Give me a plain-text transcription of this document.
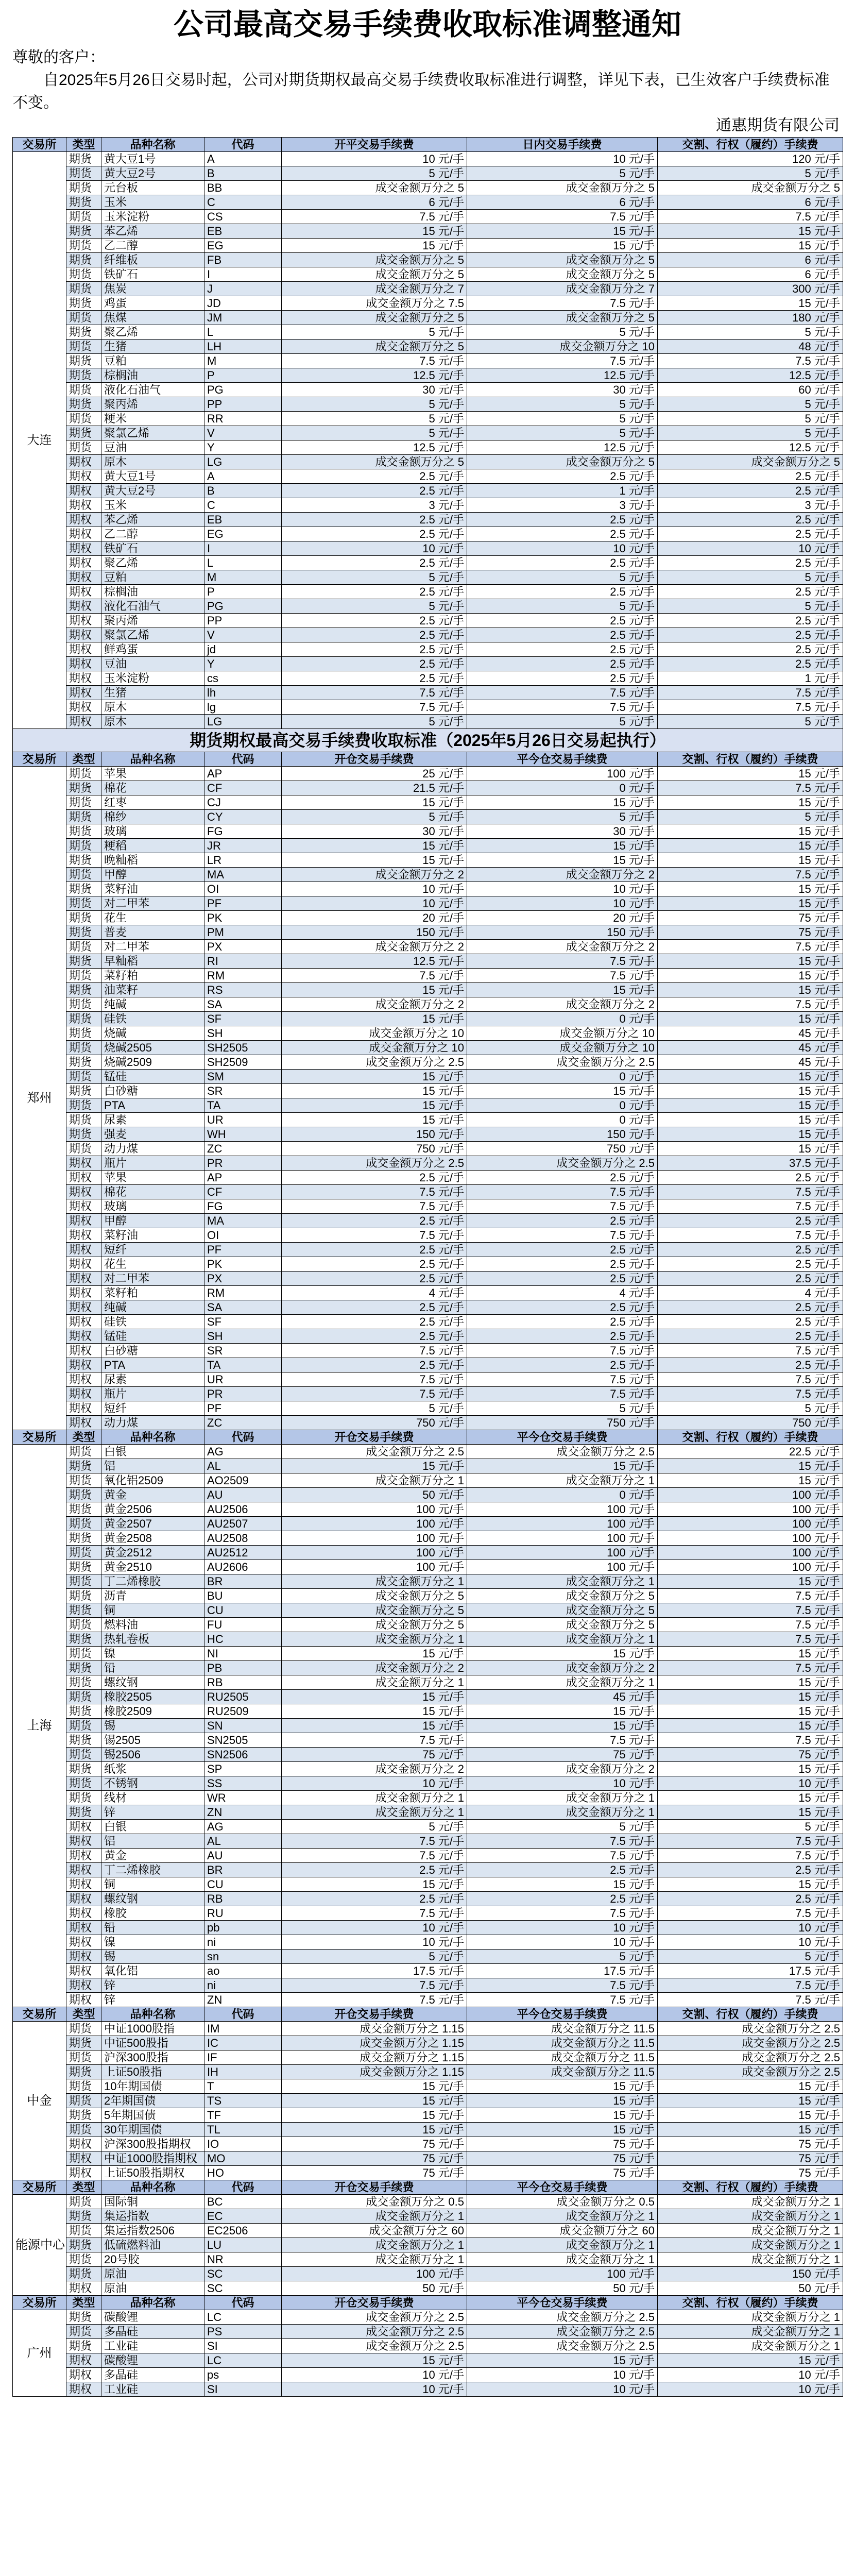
公司最高交易手续费收取标准调整通知
尊敬的客户：
自2025年5月26日交易时起，公司对期货期权最高交易手续费收取标准进行调整，详见下表，已生效客户手续费标准不变。
通惠期货有限公司
交易所	类型	品种名称	代码	开平交易手续费	日内交易手续费	交割、行权（履约）手续费
大连	期货	黄大豆1号	A	10 元/手	10 元/手	120 元/手
	期货	黄大豆2号	B	5 元/手	5 元/手	5 元/手
	期货	元台板	BB	成交金额万分之 5	成交金额万分之 5	成交金额万分之 5
	期货	玉米	C	6 元/手	6 元/手	6 元/手
	期货	玉米淀粉	CS	7.5 元/手	7.5 元/手	7.5 元/手
	期货	苯乙烯	EB	15 元/手	15 元/手	15 元/手
	期货	乙二醇	EG	15 元/手	15 元/手	15 元/手
	期货	纤维板	FB	成交金额万分之 5	成交金额万分之 5	6 元/手
	期货	铁矿石	I	成交金额万分之 5	成交金额万分之 5	6 元/手
	期货	焦炭	J	成交金额万分之 7	成交金额万分之 7	300 元/手
	期货	鸡蛋	JD	成交金额万分之 7.5	7.5 元/手	15 元/手
	期货	焦煤	JM	成交金额万分之 5	成交金额万分之 5	180 元/手
	期货	聚乙烯	L	5 元/手	5 元/手	5 元/手
	期货	生猪	LH	成交金额万分之 5	成交金额万分之 10	48 元/手
	期货	豆粕	M	7.5 元/手	7.5 元/手	7.5 元/手
	期货	棕榈油	P	12.5 元/手	12.5 元/手	12.5 元/手
	期货	液化石油气	PG	30 元/手	30 元/手	60 元/手
	期货	聚丙烯	PP	5 元/手	5 元/手	5 元/手
	期货	粳米	RR	5 元/手	5 元/手	5 元/手
	期货	聚氯乙烯	V	5 元/手	5 元/手	5 元/手
	期货	豆油	Y	12.5 元/手	12.5 元/手	12.5 元/手
	期权	原木	LG	成交金额万分之 5	成交金额万分之 5	成交金额万分之 5
	期权	黄大豆1号	A	2.5 元/手	2.5 元/手	2.5 元/手
	期权	黄大豆2号	B	2.5 元/手	1 元/手	2.5 元/手
	期权	玉米	C	3 元/手	3 元/手	3 元/手
	期权	苯乙烯	EB	2.5 元/手	2.5 元/手	2.5 元/手
	期权	乙二醇	EG	2.5 元/手	2.5 元/手	2.5 元/手
	期权	铁矿石	I	10 元/手	10 元/手	10 元/手
	期权	聚乙烯	L	2.5 元/手	2.5 元/手	2.5 元/手
	期权	豆粕	M	5 元/手	5 元/手	5 元/手
	期权	棕榈油	P	2.5 元/手	2.5 元/手	2.5 元/手
	期权	液化石油气	PG	5 元/手	5 元/手	5 元/手
	期权	聚丙烯	PP	2.5 元/手	2.5 元/手	2.5 元/手
	期权	聚氯乙烯	V	2.5 元/手	2.5 元/手	2.5 元/手
	期权	鲜鸡蛋	jd	2.5 元/手	2.5 元/手	2.5 元/手
	期权	豆油	Y	2.5 元/手	2.5 元/手	2.5 元/手
	期权	玉米淀粉	cs	2.5 元/手	2.5 元/手	1 元/手
	期权	生猪	lh	7.5 元/手	7.5 元/手	7.5 元/手
	期权	原木	lg	7.5 元/手	7.5 元/手	7.5 元/手
	期权	原木	LG	5 元/手	5 元/手	5 元/手
期货期权最高交易手续费收取标准（2025年5月26日交易起执行）						
交易所	类型	品种名称	代码	开仓交易手续费	平今仓交易手续费	交割、行权（履约）手续费
郑州	期货	苹果	AP	25 元/手	100 元/手	15 元/手
	期货	棉花	CF	21.5 元/手	0 元/手	7.5 元/手
	期货	红枣	CJ	15 元/手	15 元/手	15 元/手
	期货	棉纱	CY	5 元/手	5 元/手	5 元/手
	期货	玻璃	FG	30 元/手	30 元/手	15 元/手
	期货	粳稻	JR	15 元/手	15 元/手	15 元/手
	期货	晚籼稻	LR	15 元/手	15 元/手	15 元/手
	期货	甲醇	MA	成交金额万分之 2	成交金额万分之 2	7.5 元/手
	期货	菜籽油	OI	10 元/手	10 元/手	15 元/手
	期货	对二甲苯	PF	10 元/手	10 元/手	15 元/手
	期货	花生	PK	20 元/手	20 元/手	75 元/手
	期货	普麦	PM	150 元/手	150 元/手	75 元/手
	期货	对二甲苯	PX	成交金额万分之 2	成交金额万分之 2	7.5 元/手
	期货	早籼稻	RI	12.5 元/手	7.5 元/手	15 元/手
	期货	菜籽粕	RM	7.5 元/手	7.5 元/手	15 元/手
	期货	油菜籽	RS	15 元/手	15 元/手	15 元/手
	期货	纯碱	SA	成交金额万分之 2	成交金额万分之 2	7.5 元/手
	期货	硅铁	SF	15 元/手	0 元/手	15 元/手
	期货	烧碱	SH	成交金额万分之 10	成交金额万分之 10	45 元/手
	期货	烧碱2505	SH2505	成交金额万分之 10	成交金额万分之 10	45 元/手
	期货	烧碱2509	SH2509	成交金额万分之 2.5	成交金额万分之 2.5	45 元/手
	期货	锰硅	SM	15 元/手	0 元/手	15 元/手
	期货	白砂糖	SR	15 元/手	15 元/手	15 元/手
	期货	PTA	TA	15 元/手	0 元/手	15 元/手
	期货	尿素	UR	15 元/手	0 元/手	15 元/手
	期货	强麦	WH	150 元/手	150 元/手	15 元/手
	期货	动力煤	ZC	750 元/手	750 元/手	15 元/手
	期权	瓶片	PR	成交金额万分之 2.5	成交金额万分之 2.5	37.5 元/手
	期权	苹果	AP	2.5 元/手	2.5 元/手	2.5 元/手
	期权	棉花	CF	7.5 元/手	7.5 元/手	7.5 元/手
	期权	玻璃	FG	7.5 元/手	7.5 元/手	7.5 元/手
	期权	甲醇	MA	2.5 元/手	2.5 元/手	2.5 元/手
	期权	菜籽油	OI	7.5 元/手	7.5 元/手	7.5 元/手
	期权	短纤	PF	2.5 元/手	2.5 元/手	2.5 元/手
	期权	花生	PK	2.5 元/手	2.5 元/手	2.5 元/手
	期权	对二甲苯	PX	2.5 元/手	2.5 元/手	2.5 元/手
	期权	菜籽粕	RM	4 元/手	4 元/手	4 元/手
	期权	纯碱	SA	2.5 元/手	2.5 元/手	2.5 元/手
	期权	硅铁	SF	2.5 元/手	2.5 元/手	2.5 元/手
	期权	锰硅	SH	2.5 元/手	2.5 元/手	2.5 元/手
	期权	白砂糖	SR	7.5 元/手	7.5 元/手	7.5 元/手
	期权	PTA	TA	2.5 元/手	2.5 元/手	2.5 元/手
	期权	尿素	UR	7.5 元/手	7.5 元/手	7.5 元/手
	期权	瓶片	PR	7.5 元/手	7.5 元/手	7.5 元/手
	期权	短纤	PF	5 元/手	5 元/手	5 元/手
	期权	动力煤	ZC	750 元/手	750 元/手	750 元/手
交易所	类型	品种名称	代码	开仓交易手续费	平今仓交易手续费	交割、行权（履约）手续费
上海	期货	白银	AG	成交金额万分之 2.5	成交金额万分之 2.5	22.5 元/手
	期货	铝	AL	15 元/手	15 元/手	15 元/手
	期货	氧化铝2509	AO2509	成交金额万分之 1	成交金额万分之 1	15 元/手
	期货	黄金	AU	50 元/手	0 元/手	100 元/手
	期货	黄金2506	AU2506	100 元/手	100 元/手	100 元/手
	期货	黄金2507	AU2507	100 元/手	100 元/手	100 元/手
	期货	黄金2508	AU2508	100 元/手	100 元/手	100 元/手
	期货	黄金2512	AU2512	100 元/手	100 元/手	100 元/手
	期货	黄金2510	AU2606	100 元/手	100 元/手	100 元/手
	期货	丁二烯橡胶	BR	成交金额万分之 1	成交金额万分之 1	15 元/手
	期货	沥青	BU	成交金额万分之 5	成交金额万分之 5	7.5 元/手
	期货	铜	CU	成交金额万分之 5	成交金额万分之 5	7.5 元/手
	期货	燃料油	FU	成交金额万分之 5	成交金额万分之 5	7.5 元/手
	期货	热轧卷板	HC	成交金额万分之 1	成交金额万分之 1	7.5 元/手
	期货	镍	NI	15 元/手	15 元/手	15 元/手
	期货	铅	PB	成交金额万分之 2	成交金额万分之 2	7.5 元/手
	期货	螺纹钢	RB	成交金额万分之 1	成交金额万分之 1	15 元/手
	期货	橡胶2505	RU2505	15 元/手	45 元/手	15 元/手
	期货	橡胶2509	RU2509	15 元/手	15 元/手	15 元/手
	期货	锡	SN	15 元/手	15 元/手	15 元/手
	期货	锡2505	SN2505	7.5 元/手	7.5 元/手	7.5 元/手
	期货	锡2506	SN2506	75 元/手	75 元/手	75 元/手
	期货	纸浆	SP	成交金额万分之 2	成交金额万分之 2	15 元/手
	期货	不锈钢	SS	10 元/手	10 元/手	10 元/手
	期货	线材	WR	成交金额万分之 1	成交金额万分之 1	15 元/手
	期货	锌	ZN	成交金额万分之 1	成交金额万分之 1	15 元/手
	期权	白银	AG	5 元/手	5 元/手	5 元/手
	期权	铝	AL	7.5 元/手	7.5 元/手	7.5 元/手
	期权	黄金	AU	7.5 元/手	7.5 元/手	7.5 元/手
	期权	丁二烯橡胶	BR	2.5 元/手	2.5 元/手	2.5 元/手
	期权	铜	CU	15 元/手	15 元/手	15 元/手
	期权	螺纹钢	RB	2.5 元/手	2.5 元/手	2.5 元/手
	期权	橡胶	RU	7.5 元/手	7.5 元/手	7.5 元/手
	期权	铅	pb	10 元/手	10 元/手	10 元/手
	期权	镍	ni	10 元/手	10 元/手	10 元/手
	期权	锡	sn	5 元/手	5 元/手	5 元/手
	期权	氧化铝	ao	17.5 元/手	17.5 元/手	17.5 元/手
	期权	锌	ni	7.5 元/手	7.5 元/手	7.5 元/手
	期权	锌	ZN	7.5 元/手	7.5 元/手	7.5 元/手
交易所	类型	品种名称	代码	开仓交易手续费	平今仓交易手续费	交割、行权（履约）手续费
中金	期货	中证1000股指	IM	成交金额万分之 1.15	成交金额万分之 11.5	成交金额万分之 2.5
	期货	中证500股指	IC	成交金额万分之 1.15	成交金额万分之 11.5	成交金额万分之 2.5
	期货	沪深300股指	IF	成交金额万分之 1.15	成交金额万分之 11.5	成交金额万分之 2.5
	期货	上证50股指	IH	成交金额万分之 1.15	成交金额万分之 11.5	成交金额万分之 2.5
	期货	10年期国债	T	15 元/手	15 元/手	15 元/手
	期货	2年期国债	TS	15 元/手	15 元/手	15 元/手
	期货	5年期国债	TF	15 元/手	15 元/手	15 元/手
	期货	30年期国债	TL	15 元/手	15 元/手	15 元/手
	期权	沪深300股指期权	IO	75 元/手	75 元/手	75 元/手
	期权	中证1000股指期权	MO	75 元/手	75 元/手	75 元/手
	期权	上证50股指期权	HO	75 元/手	75 元/手	75 元/手
交易所	类型	品种名称	代码	开仓交易手续费	平今仓交易手续费	交割、行权（履约）手续费
能源中心	期货	国际铜	BC	成交金额万分之 0.5	成交金额万分之 0.5	成交金额万分之 1
	期货	集运指数	EC	成交金额万分之 1	成交金额万分之 1	成交金额万分之 1
	期货	集运指数2506	EC2506	成交金额万分之 60	成交金额万分之 60	成交金额万分之 1
	期货	低硫燃料油	LU	成交金额万分之 1	成交金额万分之 1	成交金额万分之 1
	期货	20号胶	NR	成交金额万分之 1	成交金额万分之 1	成交金额万分之 1
	期货	原油	SC	100 元/手	100 元/手	150 元/手
	期权	原油	SC	50 元/手	50 元/手	50 元/手
交易所	类型	品种名称	代码	开仓交易手续费	平今仓交易手续费	交割、行权（履约）手续费
广州	期货	碳酸锂	LC	成交金额万分之 2.5	成交金额万分之 2.5	成交金额万分之 1
	期货	多晶硅	PS	成交金额万分之 2.5	成交金额万分之 2.5	成交金额万分之 1
	期货	工业硅	SI	成交金额万分之 2.5	成交金额万分之 2.5	成交金额万分之 1
	期权	碳酸锂	LC	15 元/手	15 元/手	15 元/手
	期权	多晶硅	ps	10 元/手	10 元/手	10 元/手
	期权	工业硅	SI	10 元/手	10 元/手	10 元/手
